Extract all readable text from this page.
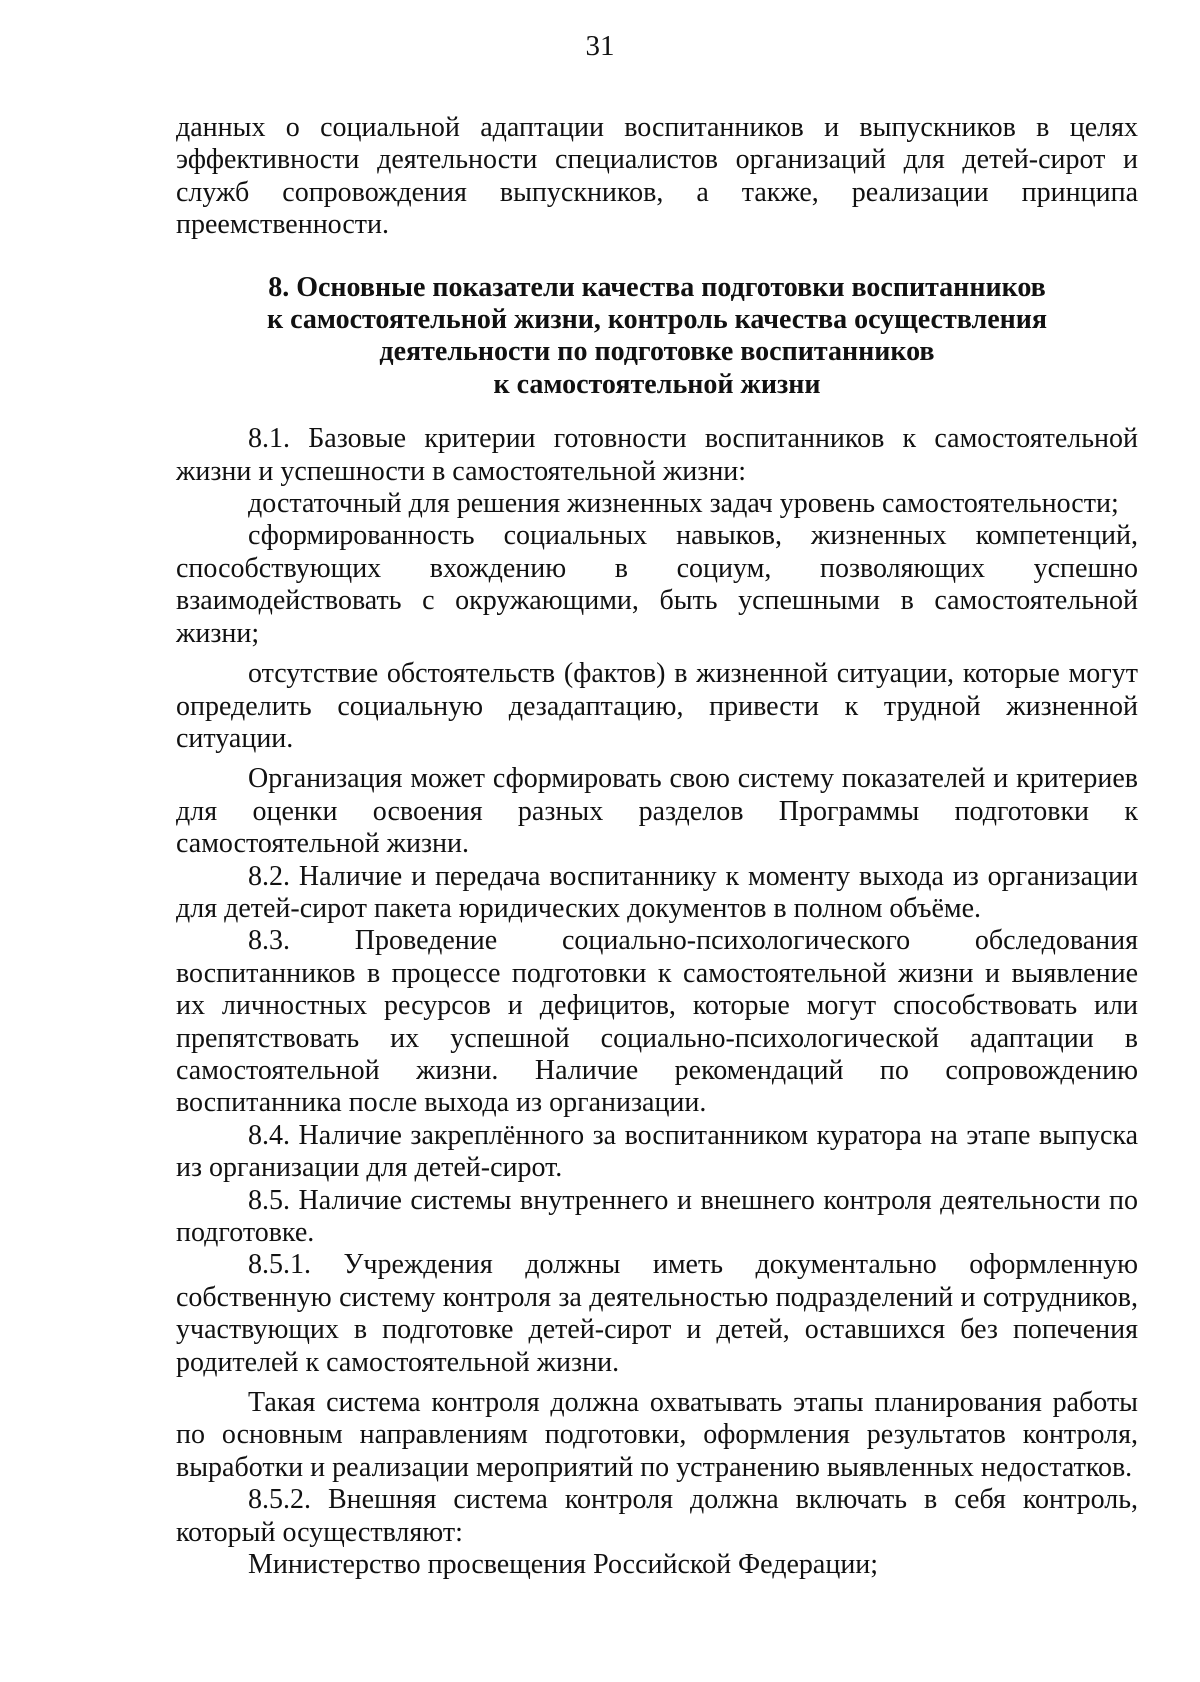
31

данных о социальной адаптации воспитанников и выпускников в целях эффективности деятельности специалистов организаций для детей-сирот и служб сопровождения выпускников, а также, реализации принципа преемственности.

8. Основные показатели качества подготовки воспитанников
к самостоятельной жизни, контроль качества осуществления
деятельности по подготовке воспитанников
к самостоятельной жизни

8.1. Базовые критерии готовности воспитанников к самостоятельной жизни и успешности в самостоятельной жизни:

достаточный для решения жизненных задач уровень самостоятельности;

сформированность социальных навыков, жизненных компетенций, способствующих вхождению в социум, позволяющих успешно взаимодействовать с окружающими, быть успешными в самостоятельной жизни;

отсутствие обстоятельств (фактов) в жизненной ситуации, которые могут определить социальную дезадаптацию, привести к трудной жизненной ситуации.

Организация может сформировать свою систему показателей и критериев для оценки освоения разных разделов Программы подготовки к самостоятельной жизни.

8.2. Наличие и передача воспитаннику к моменту выхода из организации для детей-сирот пакета юридических документов в полном объёме.

8.3. Проведение социально-психологического обследования воспитанников в процессе подготовки к самостоятельной жизни и выявление их личностных ресурсов и дефицитов, которые могут способствовать или препятствовать их успешной социально-психологической адаптации в самостоятельной жизни. Наличие рекомендаций по сопровождению воспитанника после выхода из организации.

8.4. Наличие закреплённого за воспитанником куратора на этапе выпуска из организации для детей-сирот.

8.5. Наличие системы внутреннего и внешнего контроля деятельности по подготовке.

8.5.1. Учреждения должны иметь документально оформленную собственную систему контроля за деятельностью подразделений и сотрудников, участвующих в подготовке детей-сирот и детей, оставшихся без попечения родителей к самостоятельной жизни.

Такая система контроля должна охватывать этапы планирования работы по основным направлениям подготовки, оформления результатов контроля, выработки и реализации мероприятий по устранению выявленных недостатков.

8.5.2. Внешняя система контроля должна включать в себя контроль, который осуществляют:

Министерство просвещения Российской Федерации;
